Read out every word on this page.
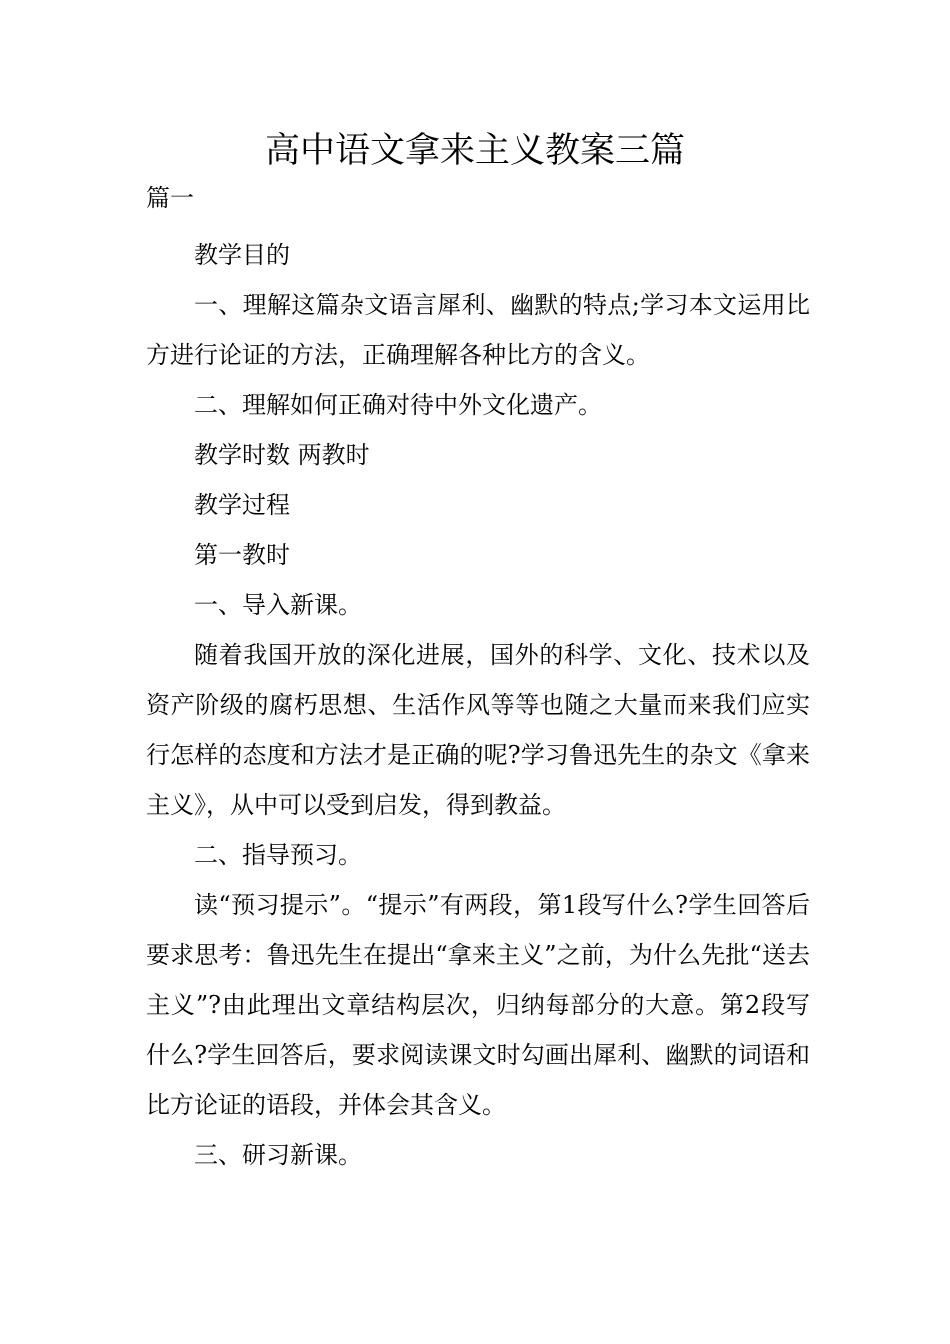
高中语文拿来主义教案三篇
篇一

教学目的

一、理解这篇杂文语言犀利、幽默的特点;学习本文运用比方进行论证的方法，正确理解各种比方的含义。

二、理解如何正确对待中外文化遗产。

教学时数 两教时

教学过程

第一教时

一、导入新课。

随着我国开放的深化进展，国外的科学、文化、技术以及资产阶级的腐朽思想、生活作风等等也随之大量而来我们应实行怎样的态度和方法才是正确的呢?学习鲁迅先生的杂文《拿来主义》，从中可以受到启发，得到教益。

二、指导预习。

读“预习提示”。“提示”有两段，第1段写什么?学生回答后要求思考：鲁迅先生在提出“拿来主义”之前，为什么先批“送去主义”?由此理出文章结构层次，归纳每部分的大意。第2段写什么?学生回答后，要求阅读课文时勾画出犀利、幽默的词语和比方论证的语段，并体会其含义。

三、研习新课。
